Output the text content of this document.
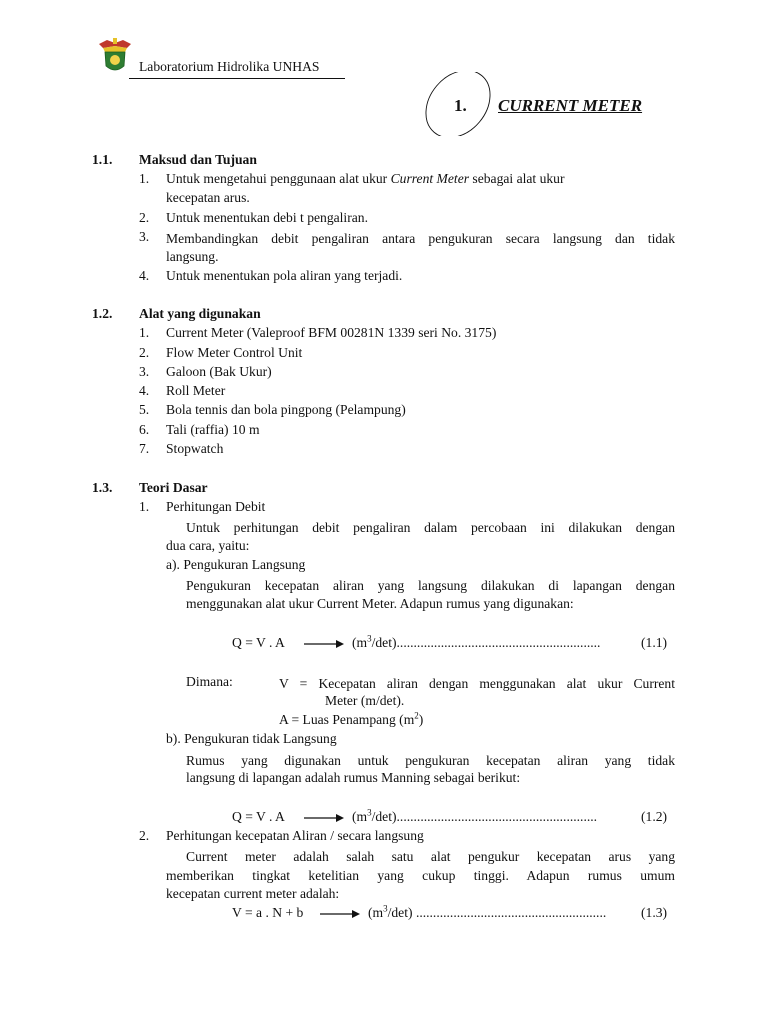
Laboratorium Hidrolika UNHAS
1. CURRENT METER
1.1. Maksud dan Tujuan
1. Untuk mengetahui penggunaan alat ukur Current Meter sebagai alat ukur
kecepatan arus.
2. Untuk menentukan debi t pengaliran.
3. Membandingkan debit pengaliran antara pengukuran secara langsung dan tidak
langsung.
4. Untuk menentukan pola aliran yang terjadi.
1.2. Alat yang digunakan
1. Current Meter (Valeproof BFM 00281N 1339 seri No. 3175)
2. Flow Meter Control Unit
3. Galoon (Bak Ukur)
4. Roll Meter
5. Bola tennis dan bola pingpong (Pelampung)
6. Tali (raffia) 10 m
7. Stopwatch
1.3. Teori Dasar
1. Perhitungan Debit
Untuk perhitungan debit pengaliran dalam percobaan ini dilakukan dengan
dua cara, yaitu:
a). Pengukuran Langsung
Pengukuran kecepatan aliran yang langsung dilakukan di lapangan dengan
menggunakan alat ukur Current Meter. Adapun rumus yang digunakan:
Q = V . A	$(m^3/\det)$............................................................	(1.1)
Dimana:	V = Kecepatan aliran dengan menggunakan alat ukur Current
Meter (m/det).
A = Luas Penampang $(m^2)$
b). Pengukuran tidak Langsung
Rumus yang digunakan untuk pengukuran kecepatan aliran yang tidak
langsung di lapangan adalah rumus Manning sebagai berikut:
Q = V . A	$(m^3/\det)$...........................................................	(1.2)
2. Perhitungan kecepatan Aliran / secara langsung
Current meter adalah salah satu alat pengukur kecepatan arus yang
memberikan tingkat ketelitian yang cukup tinggi. Adapun rumus umum
kecepatan current meter adalah:
V = a . N + b	$(m^3/\det)$ ........................................................	(1.3)
